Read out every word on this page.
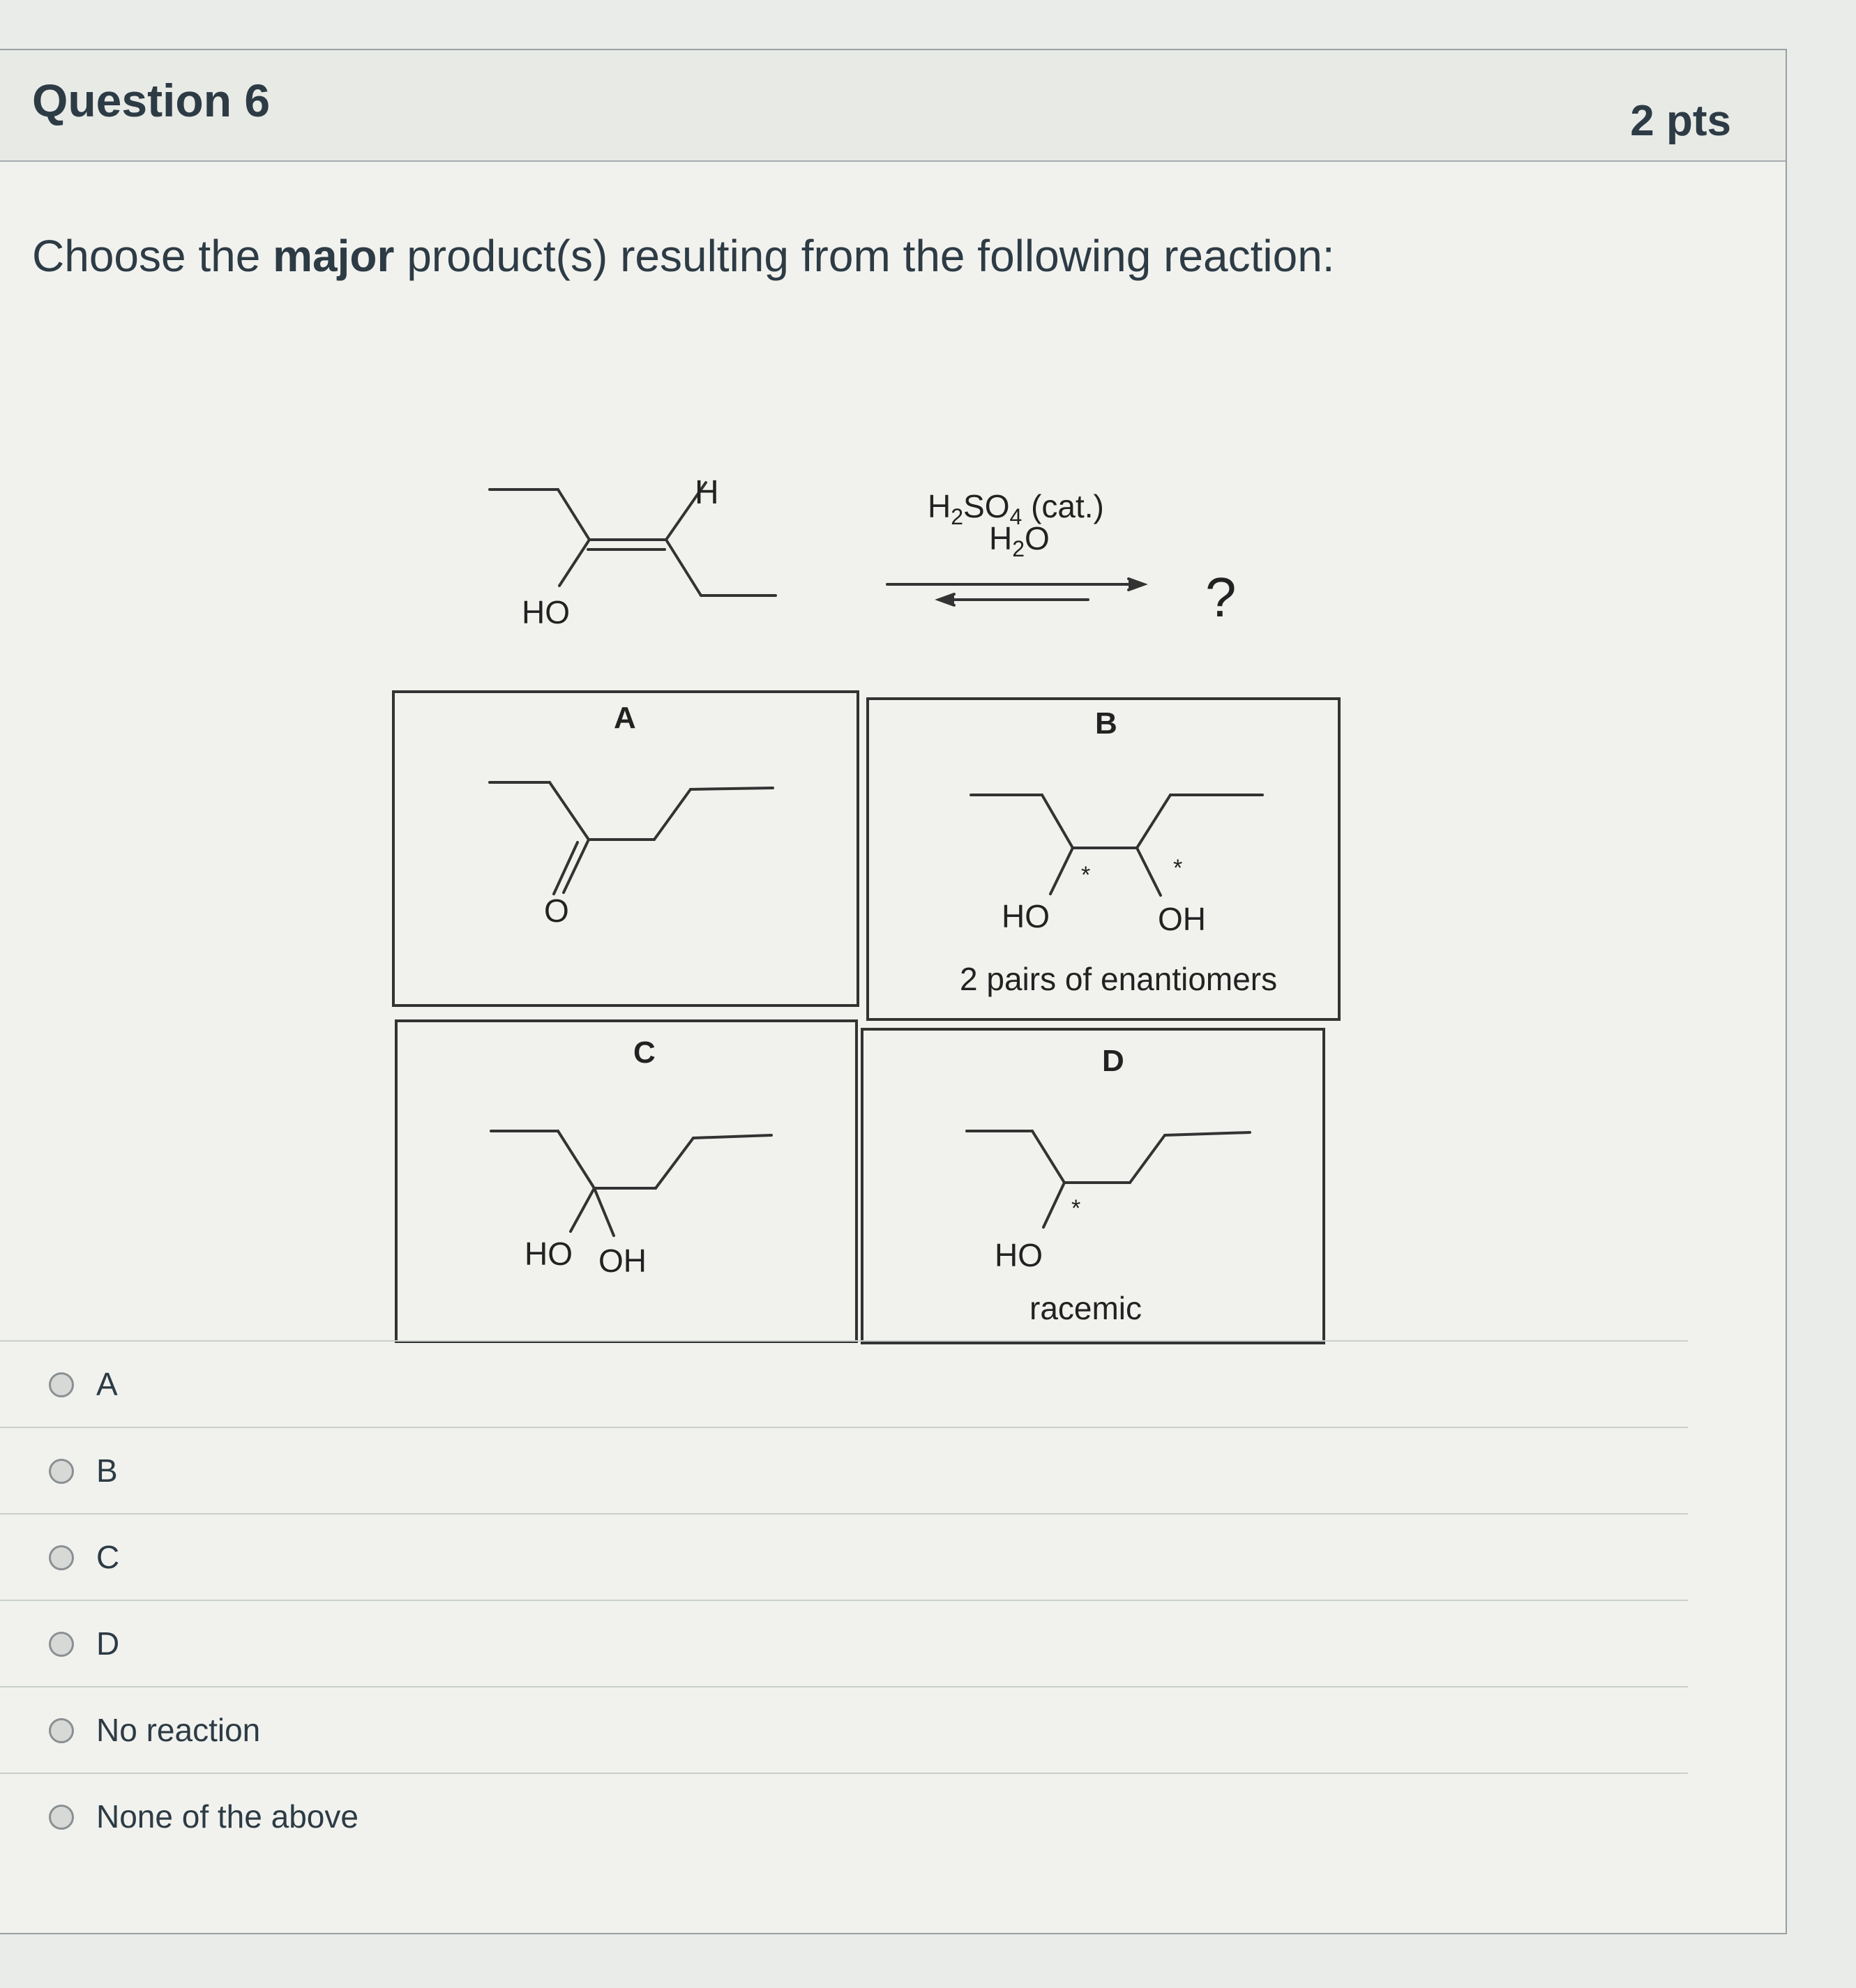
Question 6	2 pts
Choose the major product(s) resulting from the following reaction:
H
HO
$H_2SO_4$ (cat.)
$H_2O$
?
A	B
C	D
O	HO	OH
2 pairs of enantiomers
HO OH	HO
racemic
*	*
*
A
B
C
D
No reaction
None of the above
